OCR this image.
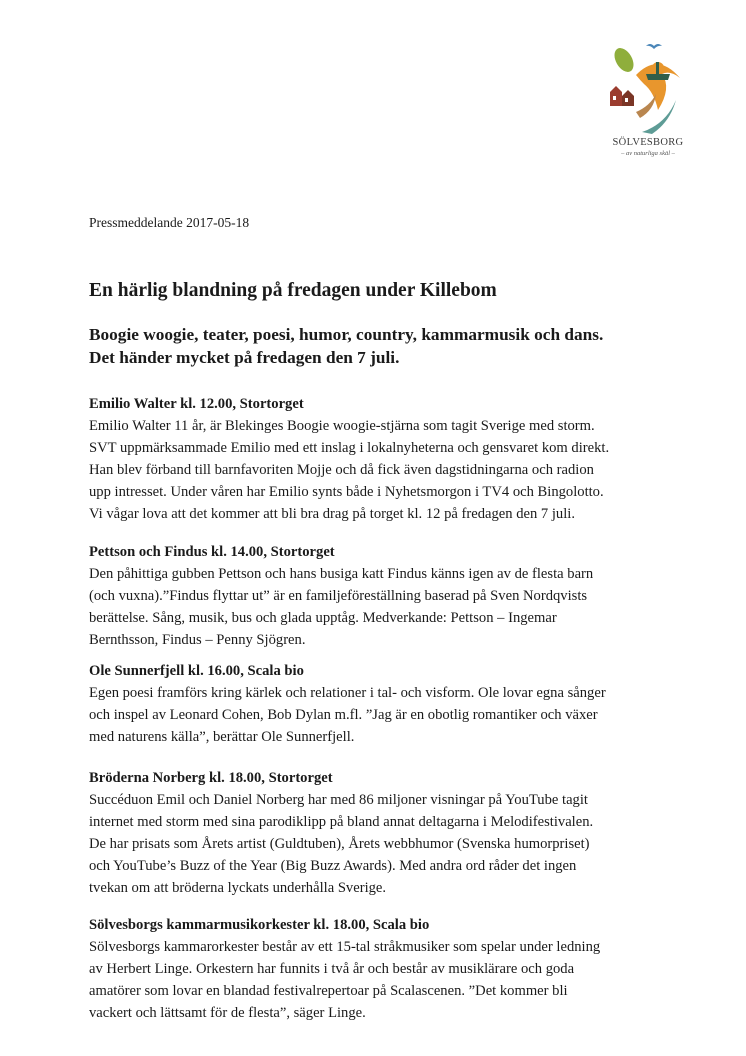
SÖLVESBORG
– av naturliga skäl –
Pressmeddelande 2017-05-18
En härlig blandning på fredagen under Killebom

Boogie woogie, teater, poesi, humor, country, kammarmusik och dans.
Det händer mycket på fredagen den 7 juli.

Emilio Walter kl. 12.00, Stortorget

Emilio Walter 11 år, är Blekinges Boogie woogie-stjärna som tagit Sverige med storm.
SVT uppmärksammade Emilio med ett inslag i lokalnyheterna och gensvaret kom direkt.
Han blev förband till barnfavoriten Mojje och då fick även dagstidningarna och radion
upp intresset. Under våren har Emilio synts både i Nyhetsmorgon i TV4 och Bingolotto.
Vi vågar lova att det kommer att bli bra drag på torget kl. 12 på fredagen den 7 juli.

Pettson och Findus kl. 14.00, Stortorget

Den påhittiga gubben Pettson och hans busiga katt Findus känns igen av de flesta barn
(och vuxna).”Findus flyttar ut” är en familjeföreställning baserad på Sven Nordqvists
berättelse. Sång, musik, bus och glada upptåg. Medverkande: Pettson – Ingemar
Bernthsson, Findus – Penny Sjögren.

Ole Sunnerfjell kl. 16.00, Scala bio

Egen poesi framförs kring kärlek och relationer i tal- och visform. Ole lovar egna sånger
och inspel av Leonard Cohen, Bob Dylan m.fl. ”Jag är en obotlig romantiker och växer
med naturens källa”, berättar Ole Sunnerfjell.

Bröderna Norberg kl. 18.00, Stortorget

Succéduon Emil och Daniel Norberg har med 86 miljoner visningar på YouTube tagit
internet med storm med sina parodiklipp på bland annat deltagarna i Melodifestivalen.
De har prisats som Årets artist (Guldtuben), Årets webbhumor (Svenska humorpriset)
och YouTube’s Buzz of the Year (Big Buzz Awards). Med andra ord råder det ingen
tvekan om att bröderna lyckats underhålla Sverige.

Sölvesborgs kammarmusikorkester kl. 18.00, Scala bio

Sölvesborgs kammarorkester består av ett 15-tal stråkmusiker som spelar under ledning
av Herbert Linge. Orkestern har funnits i två år och består av musiklärare och goda
amatörer som lovar en blandad festivalrepertoar på Scalascenen. ”Det kommer bli
vackert och lättsamt för de flesta”, säger Linge.
